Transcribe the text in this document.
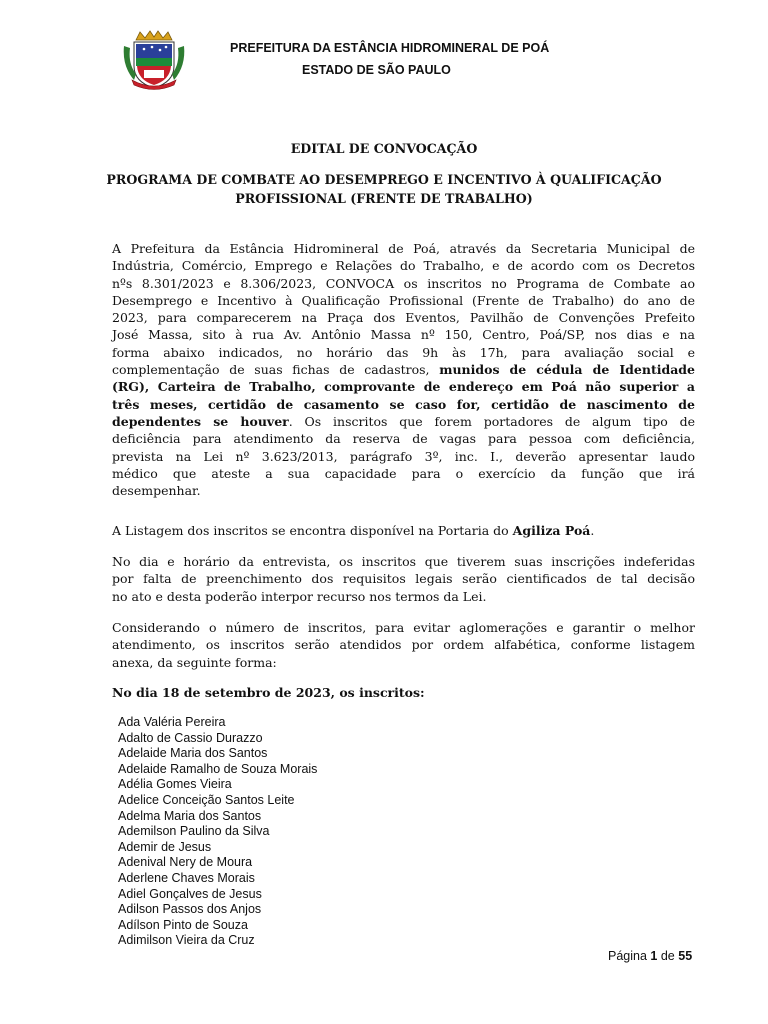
PREFEITURA DA ESTÂNCIA HIDROMINERAL DE POÁ
ESTADO DE SÃO PAULO
EDITAL DE CONVOCAÇÃO
PROGRAMA DE COMBATE AO DESEMPREGO E INCENTIVO À QUALIFICAÇÃO
PROFISSIONAL (FRENTE DE TRABALHO)
A Prefeitura da Estância Hidromineral de Poá, através da Secretaria Municipal de
Indústria, Comércio, Emprego e Relações do Trabalho, e de acordo com os Decretos
nºs 8.301/2023 e 8.306/2023, CONVOCA os inscritos no Programa de Combate ao
Desemprego e Incentivo à Qualificação Profissional (Frente de Trabalho) do ano de
2023, para comparecerem na Praça dos Eventos, Pavilhão de Convenções Prefeito
José Massa, sito à rua Av. Antônio Massa nº 150, Centro, Poá/SP, nos dias e na
forma abaixo indicados, no horário das 9h às 17h, para avaliação social e
complementação de suas fichas de cadastros, munidos de cédula de Identidade
(RG), Carteira de Trabalho, comprovante de endereço em Poá não superior a
três meses, certidão de casamento se caso for, certidão de nascimento de
dependentes se houver. Os inscritos que forem portadores de algum tipo de
deficiência para atendimento da reserva de vagas para pessoa com deficiência,
prevista na Lei nº 3.623/2013, parágrafo 3º, inc. I., deverão apresentar laudo
médico que ateste a sua capacidade para o exercício da função que irá
desempenhar.
A Listagem dos inscritos se encontra disponível na Portaria do Agiliza Poá.
No dia e horário da entrevista, os inscritos que tiverem suas inscrições indeferidas
por falta de preenchimento dos requisitos legais serão cientificados de tal decisão
no ato e desta poderão interpor recurso nos termos da Lei.
Considerando o número de inscritos, para evitar aglomerações e garantir o melhor
atendimento, os inscritos serão atendidos por ordem alfabética, conforme listagem
anexa, da seguinte forma:
No dia 18 de setembro de 2023, os inscritos:
Ada Valéria Pereira
Adalto de Cassio Durazzo
Adelaide Maria dos Santos
Adelaide Ramalho de Souza Morais
Adélia Gomes Vieira
Adelice Conceição Santos Leite
Adelma Maria dos Santos
Ademilson Paulino da Silva
Ademir de Jesus
Adenival Nery de Moura
Aderlene Chaves Morais
Adiel Gonçalves de Jesus
Adilson Passos dos Anjos
Adílson Pinto de Souza
Adimilson Vieira da Cruz
Página 1 de 55
